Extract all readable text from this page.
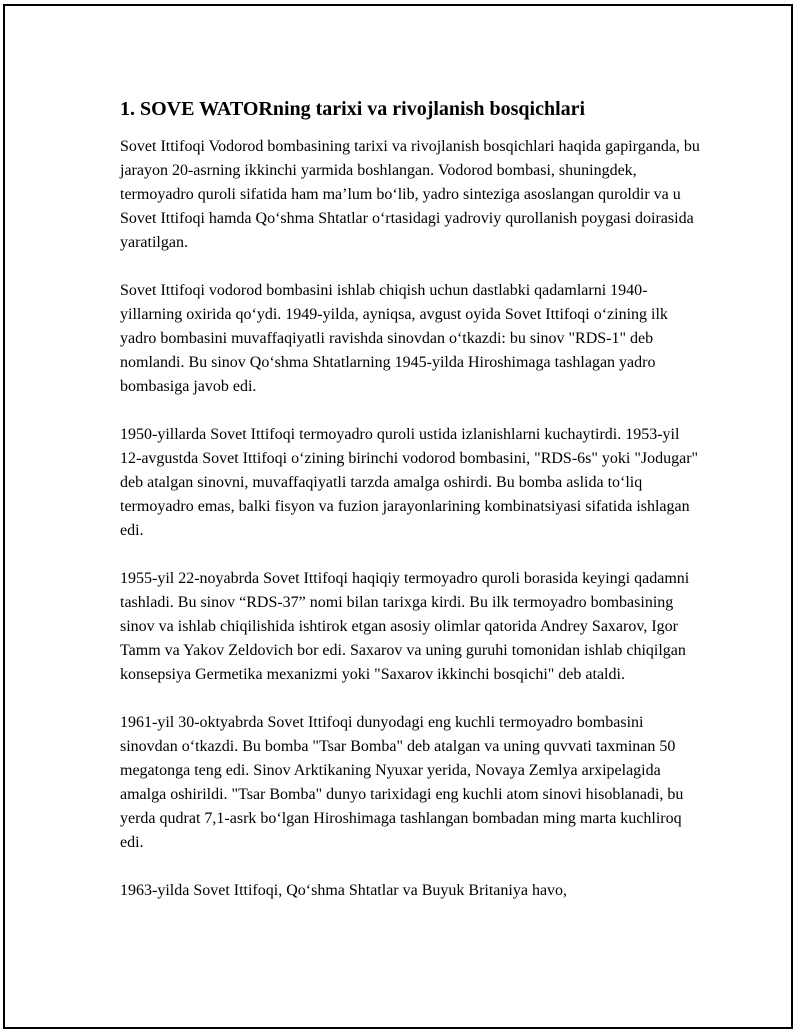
1. SOVE WATORning tarixi va rivojlanish bosqichlari

Sovet Ittifoqi Vodorod bombasining tarixi va rivojlanish bosqichlari haqida gapirganda, bu jarayon 20-asrning ikkinchi yarmida boshlangan. Vodorod bombasi, shuningdek, termoyadro quroli sifatida ham ma’lum bo‘lib, yadro sinteziga asoslangan quroldir va u Sovet Ittifoqi hamda Qo‘shma Shtatlar o‘rtasidagi yadroviy qurollanish poygasi doirasida yaratilgan.

Sovet Ittifoqi vodorod bombasini ishlab chiqish uchun dastlabki qadamlarni 1940-yillarning oxirida qo‘ydi. 1949-yilda, ayniqsa, avgust oyida Sovet Ittifoqi o‘zining ilk yadro bombasini muvaffaqiyatli ravishda sinovdan o‘tkazdi: bu sinov "RDS-1" deb nomlandi. Bu sinov Qo‘shma Shtatlarning 1945-yilda Hiroshimaga tashlagan yadro bombasiga javob edi.

1950-yillarda Sovet Ittifoqi termoyadro quroli ustida izlanishlarni kuchaytirdi. 1953-yil 12-avgustda Sovet Ittifoqi o‘zining birinchi vodorod bombasini, "RDS-6s" yoki "Jodugar" deb atalgan sinovni, muvaffaqiyatli tarzda amalga oshirdi. Bu bomba aslida to‘liq termoyadro emas, balki fisyon va fuzion jarayonlarining kombinatsiyasi sifatida ishlagan edi.

1955-yil 22-noyabrda Sovet Ittifoqi haqiqiy termoyadro quroli borasida keyingi qadamni tashladi. Bu sinov “RDS-37” nomi bilan tarixga kirdi. Bu ilk termoyadro bombasining sinov va ishlab chiqilishida ishtirok etgan asosiy olimlar qatorida Andrey Saxarov, Igor Tamm va Yakov Zeldovich bor edi. Saxarov va uning guruhi tomonidan ishlab chiqilgan konsepsiya Germetika mexanizmi yoki "Saxarov ikkinchi bosqichi" deb ataldi.

1961-yil 30-oktyabrda Sovet Ittifoqi dunyodagi eng kuchli termoyadro bombasini sinovdan o‘tkazdi. Bu bomba "Tsar Bomba" deb atalgan va uning quvvati taxminan 50 megatonga teng edi. Sinov Arktikaning Nyuxar yerida, Novaya Zemlya arxipelagida amalga oshirildi. "Tsar Bomba" dunyo tarixidagi eng kuchli atom sinovi hisoblanadi, bu yerda qudrat 7,1-asrk bo‘lgan Hiroshimaga tashlangan bombadan ming marta kuchliroq edi.

1963-yilda Sovet Ittifoqi, Qo‘shma Shtatlar va Buyuk Britaniya havo,
